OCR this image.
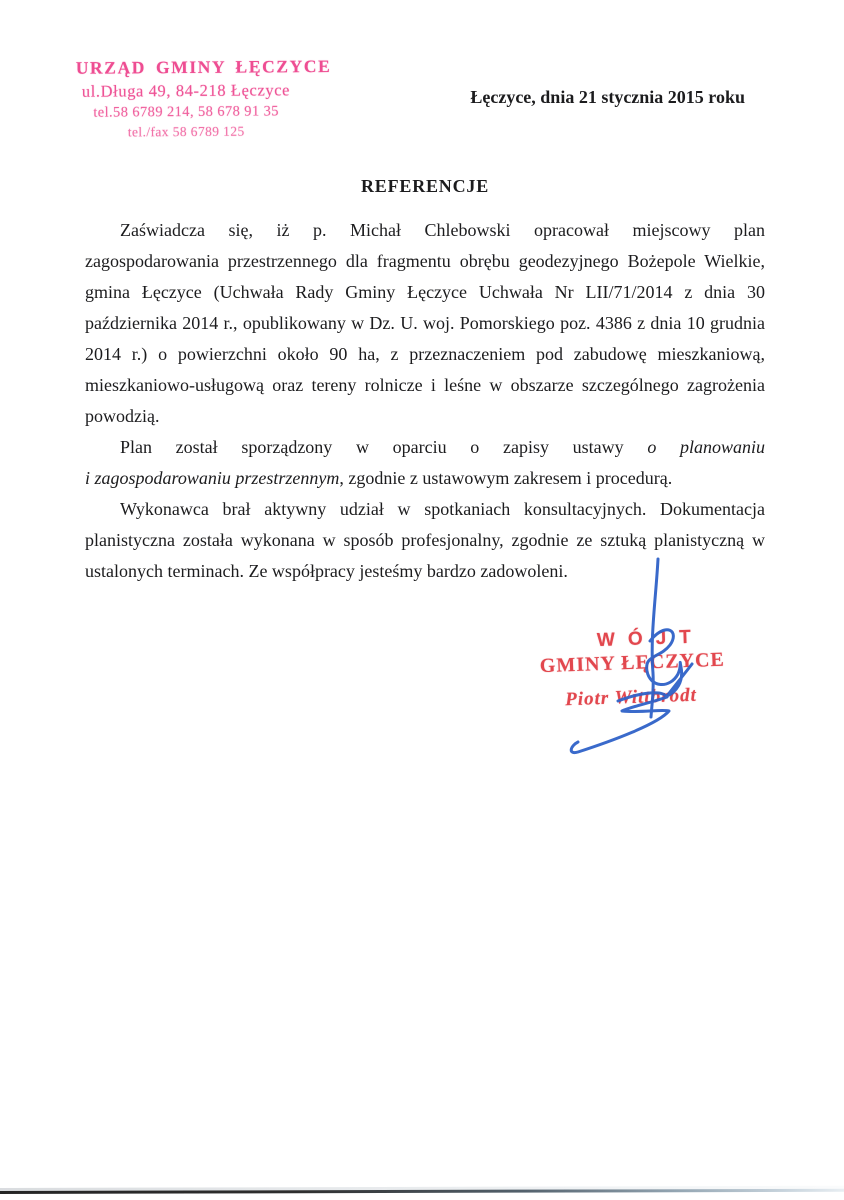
URZĄD GMINY ŁĘCZYCE
ul.Długa 49, 84-218 Łęczyce
tel.58 6789 214, 58 678 91 35
tel./fax 58 6789 125
Łęczyce, dnia 21 stycznia 2015 roku
REFERENCJE
Zaświadcza się, iż p. Michał Chlebowski opracował miejscowy plan
zagospodarowania przestrzennego dla fragmentu obrębu geodezyjnego Bożepole Wielkie,
gmina Łęczyce (Uchwała Rady Gminy Łęczyce Uchwała Nr LII/71/2014 z dnia 30
października 2014 r., opublikowany w Dz. U. woj. Pomorskiego poz. 4386 z dnia 10 grudnia
2014 r.) o powierzchni około 90 ha, z przeznaczeniem pod zabudowę mieszkaniową,
mieszkaniowo-usługową oraz tereny rolnicze i leśne w obszarze szczególnego zagrożenia
powodzią.
Plan został sporządzony w oparciu o zapisy ustawy o planowaniu
i zagospodarowaniu przestrzennym, zgodnie z ustawowym zakresem i procedurą.
Wykonawca brał aktywny udział w spotkaniach konsultacyjnych. Dokumentacja
planistyczna została wykonana w sposób profesjonalny, zgodnie ze sztuką planistyczną w
ustalonych terminach. Ze współpracy jesteśmy bardzo zadowoleni.
WÓJT
GMINY ŁĘCZYCE
Piotr Wittbrodt
